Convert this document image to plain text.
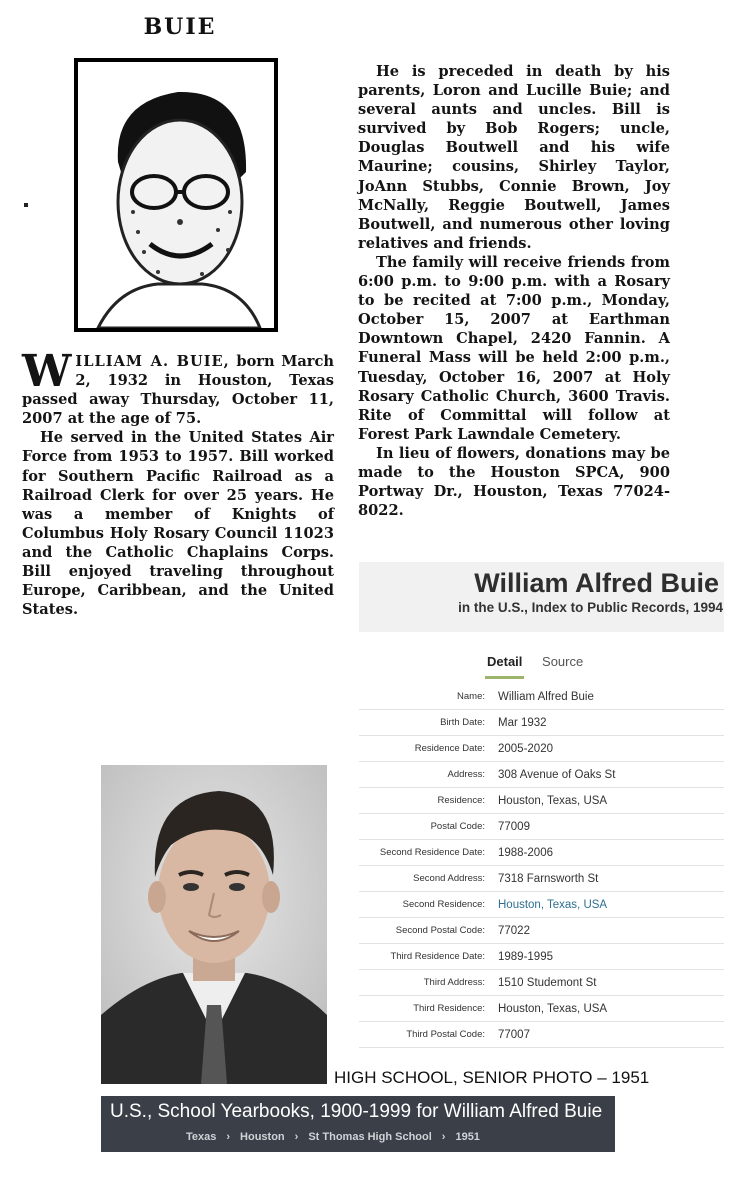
BUIE

WILLIAM A. BUIE, born March 2, 1932 in Houston, Texas passed away Thursday, October 11, 2007 at the age of 75.

He served in the United States Air Force from 1953 to 1957. Bill worked for Southern Pacific Railroad as a Railroad Clerk for over 25 years. He was a member of Knights of Columbus Holy Rosary Council 11023 and the Catholic Chaplains Corps. Bill enjoyed traveling throughout Europe, Caribbean, and the United States.

He is preceded in death by his parents, Loron and Lucille Buie; and several aunts and uncles. Bill is survived by Bob Rogers; uncle, Douglas Boutwell and his wife Maurine; cousins, Shirley Taylor, JoAnn Stubbs, Connie Brown, Joy McNally, Reggie Boutwell, James Boutwell, and numerous other loving relatives and friends.

The family will receive friends from 6:00 p.m. to 9:00 p.m. with a Rosary to be recited at 7:00 p.m., Monday, October 15, 2007 at Earthman Downtown Chapel, 2420 Fannin. A Funeral Mass will be held 2:00 p.m., Tuesday, October 16, 2007 at Holy Rosary Catholic Church, 3600 Travis. Rite of Committal will follow at Forest Park Lawndale Cemetery.

In lieu of flowers, donations may be made to the Houston SPCA, 900 Portway Dr., Houston, Texas 77024-8022.

William Alfred Buie
in the U.S., Index to Public Records, 1994
Detail Source
Name:	William Alfred Buie
Birth Date:	Mar 1932
Residence Date:	2005-2020
Address:	308 Avenue of Oaks St
Residence:	Houston, Texas, USA
Postal Code:	77009
Second Residence Date:	1988-2006
Second Address:	7318 Farnsworth St
Second Residence:	Houston, Texas, USA
Second Postal Code:	77022
Third Residence Date:	1989-1995
Third Address:	1510 Studemont St
Third Residence:	Houston, Texas, USA
Third Postal Code:	77007
HIGH SCHOOL, SENIOR PHOTO – 1951
U.S., School Yearbooks, 1900-1999 for William Alfred Buie
Texas › Houston › St Thomas High School › 1951
